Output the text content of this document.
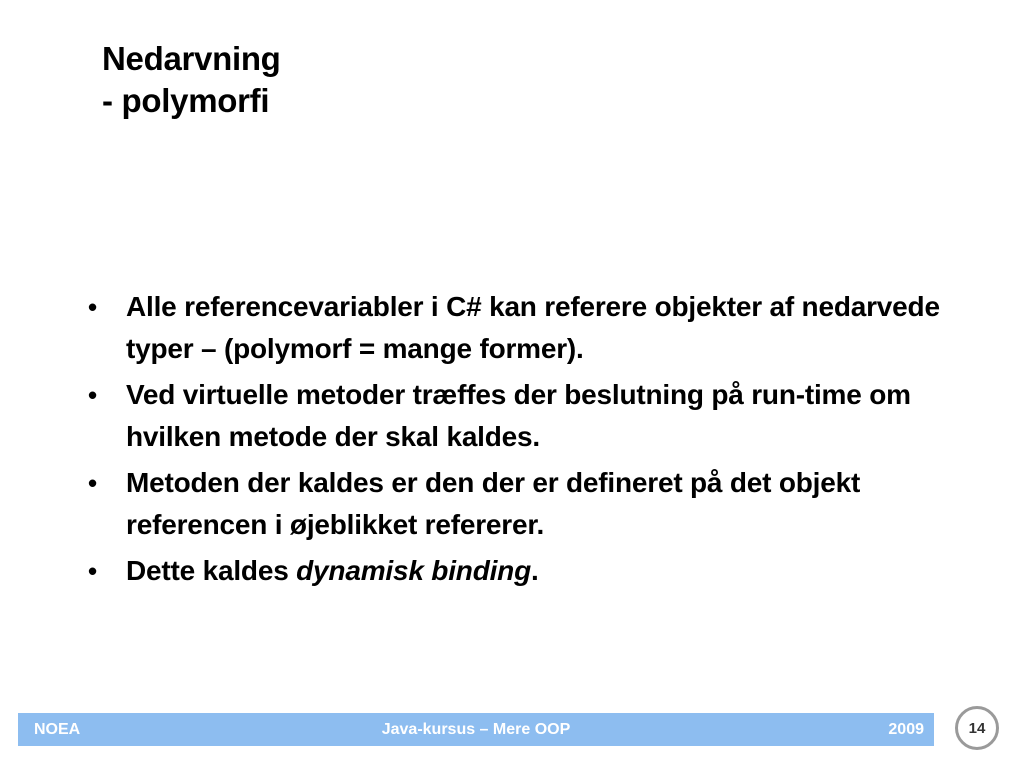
Nedarvning
- polymorfi
• Alle referencevariabler i C# kan referere objekter af nedarvede typer – (polymorf = mange former).
• Ved virtuelle metoder træffes der beslutning på run-time om hvilken metode der skal kaldes.
• Metoden der kaldes er den der er defineret på det objekt referencen i øjeblikket refererer.
• Dette kaldes dynamisk binding.
NOEA	Java-kursus – Mere OOP	2009	14
